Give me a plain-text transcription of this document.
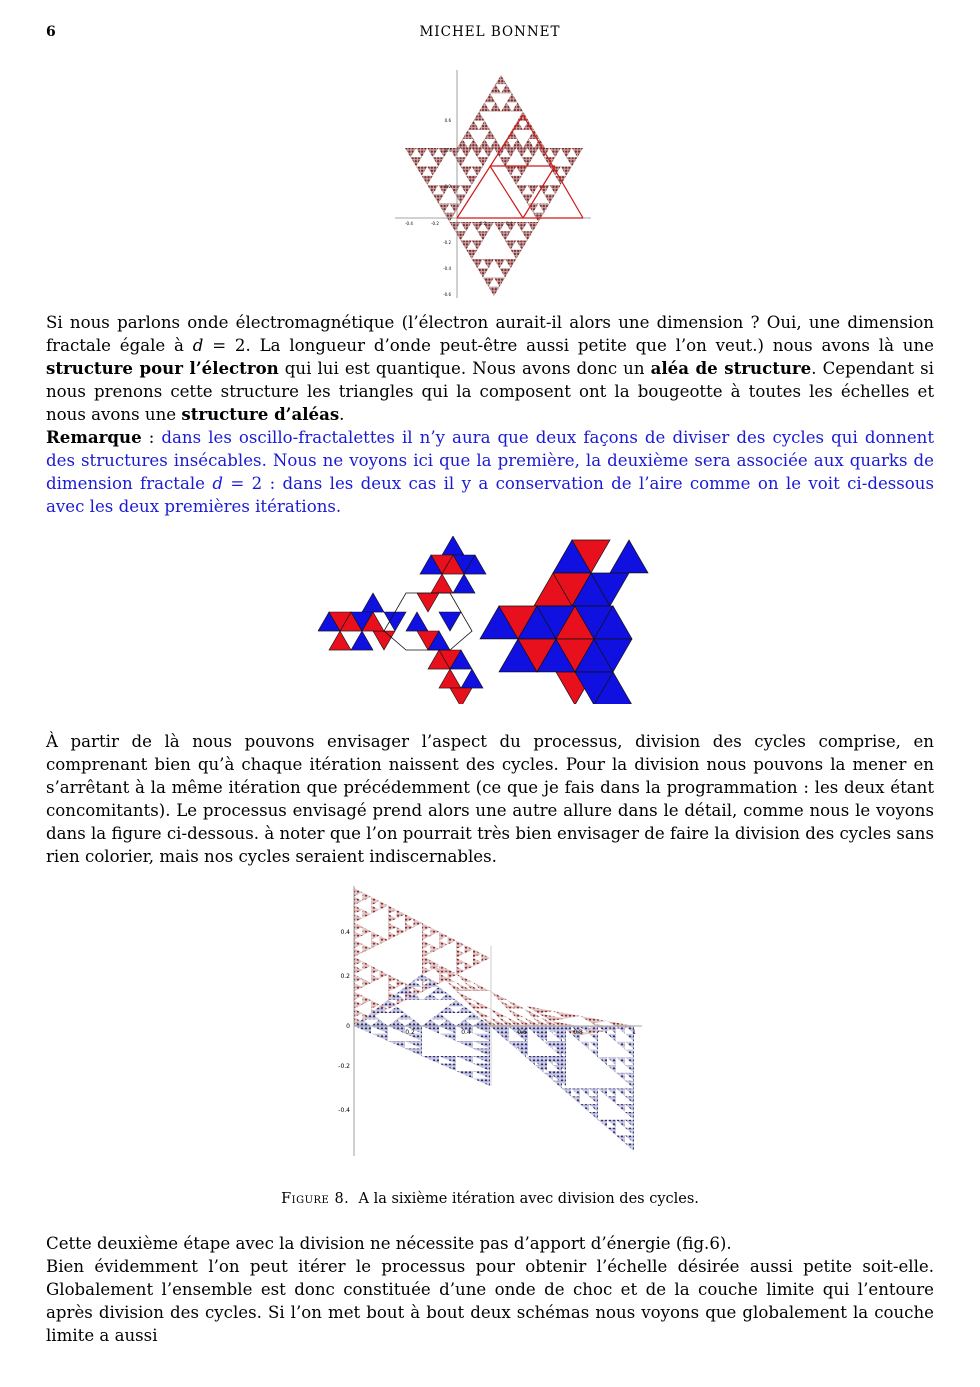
6	MICHEL BONNET
0.6
0.4
0.2
-0.2
-0.4
-0.6
-0.4	-0.2	0.2	0.4
Si nous parlons onde électromagnétique (l’électron aurait-il alors une dimension ? Oui, une dimension fractale égale à d = 2. La longueur d’onde peut-être aussi petite que l’on veut.) nous avons là une structure pour l’électron qui lui est quantique. Nous avons donc un aléa de structure. Cependant si nous prenons cette structure les triangles qui la composent ont la bougeotte à toutes les échelles et nous avons une structure d’aléas.
Remarque : dans les oscillo-fractalettes il n’y aura que deux façons de diviser des cycles qui donnent des structures insécables. Nous ne voyons ici que la première, la deuxième sera associée aux quarks de dimension fractale d = 2 : dans les deux cas il y a conservation de l’aire comme on le voit ci-dessous avec les deux premières itérations.
À partir de là nous pouvons envisager l’aspect du processus, division des cycles comprise, en comprenant bien qu’à chaque itération naissent des cycles. Pour la division nous pouvons la mener en s’arrêtant à la même itération que précédemment (ce que je fais dans la programmation : les deux étant concomitants). Le processus envisagé prend alors une autre allure dans le détail, comme nous le voyons dans la figure ci-dessous. à noter que l’on pourrait très bien envisager de faire la division des cycles sans rien colorier, mais nos cycles seraient indiscernables.
0.4
0.2
0
-0.2
-0.4
0.2	0.4	0.6	0.8	1
Figure 8. A la sixième itération avec division des cycles.
Cette deuxième étape avec la division ne nécessite pas d’apport d’énergie (fig.6).
Bien évidemment l’on peut itérer le processus pour obtenir l’échelle désirée aussi petite soit-elle. Globalement l’ensemble est donc constituée d’une onde de choc et de la couche limite qui l’entoure après division des cycles. Si l’on met bout à bout deux schémas nous voyons que globalement la couche limite a aussi
